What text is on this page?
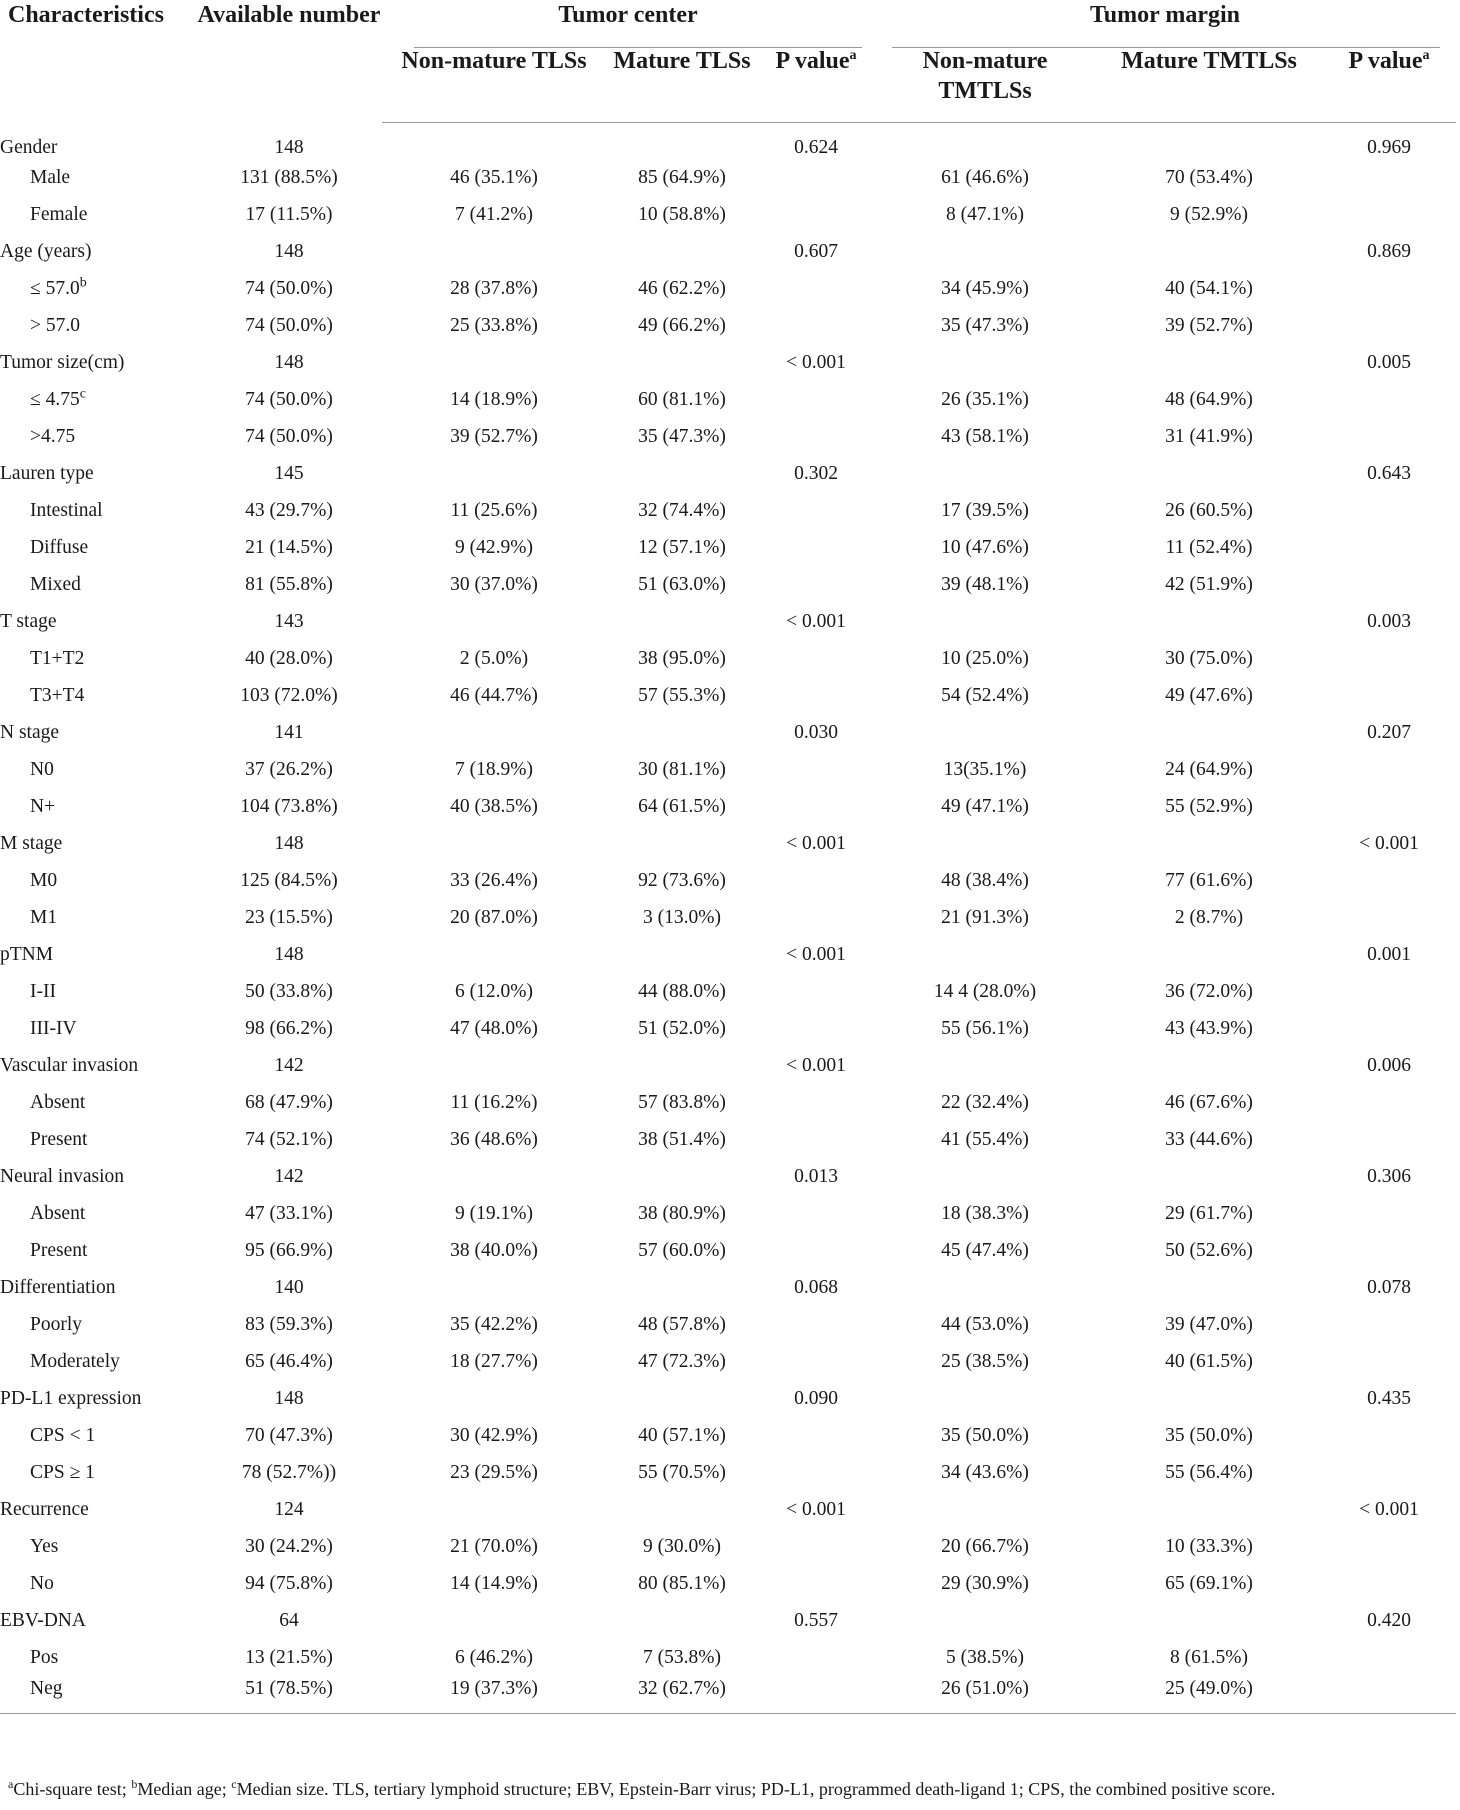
Characteristics	Available number	Tumor center			Tumor margin		
		Non-mature TLSs	Mature TLSs	P value$^a$	Non-mature TMTLSs	Mature TMTLSs	P value$^a$
Gender	148			0.624			0.969
Male	131 (88.5%)	46 (35.1%)	85 (64.9%)		61 (46.6%)	70 (53.4%)	
Female	17 (11.5%)	7 (41.2%)	10 (58.8%)		8 (47.1%)	9 (52.9%)	
Age (years)	148			0.607			0.869
≤ 57.0$^b$	74 (50.0%)	28 (37.8%)	46 (62.2%)		34 (45.9%)	40 (54.1%)	
> 57.0	74 (50.0%)	25 (33.8%)	49 (66.2%)		35 (47.3%)	39 (52.7%)	
Tumor size(cm)	148			< 0.001			0.005
≤ 4.75$^c$	74 (50.0%)	14 (18.9%)	60 (81.1%)		26 (35.1%)	48 (64.9%)	
>4.75	74 (50.0%)	39 (52.7%)	35 (47.3%)		43 (58.1%)	31 (41.9%)	
Lauren type	145			0.302			0.643
Intestinal	43 (29.7%)	11 (25.6%)	32 (74.4%)		17 (39.5%)	26 (60.5%)	
Diffuse	21 (14.5%)	9 (42.9%)	12 (57.1%)		10 (47.6%)	11 (52.4%)	
Mixed	81 (55.8%)	30 (37.0%)	51 (63.0%)		39 (48.1%)	42 (51.9%)	
T stage	143			< 0.001			0.003
T1+T2	40 (28.0%)	2 (5.0%)	38 (95.0%)		10 (25.0%)	30 (75.0%)	
T3+T4	103 (72.0%)	46 (44.7%)	57 (55.3%)		54 (52.4%)	49 (47.6%)	
N stage	141			0.030			0.207
N0	37 (26.2%)	7 (18.9%)	30 (81.1%)		13(35.1%)	24 (64.9%)	
N+	104 (73.8%)	40 (38.5%)	64 (61.5%)		49 (47.1%)	55 (52.9%)	
M stage	148			< 0.001			< 0.001
M0	125 (84.5%)	33 (26.4%)	92 (73.6%)		48 (38.4%)	77 (61.6%)	
M1	23 (15.5%)	20 (87.0%)	3 (13.0%)		21 (91.3%)	2 (8.7%)	
pTNM	148			< 0.001			0.001
I-II	50 (33.8%)	6 (12.0%)	44 (88.0%)		14 4 (28.0%)	36 (72.0%)	
III-IV	98 (66.2%)	47 (48.0%)	51 (52.0%)		55 (56.1%)	43 (43.9%)	
Vascular invasion	142			< 0.001			0.006
Absent	68 (47.9%)	11 (16.2%)	57 (83.8%)		22 (32.4%)	46 (67.6%)	
Present	74 (52.1%)	36 (48.6%)	38 (51.4%)		41 (55.4%)	33 (44.6%)	
Neural invasion	142			0.013			0.306
Absent	47 (33.1%)	9 (19.1%)	38 (80.9%)		18 (38.3%)	29 (61.7%)	
Present	95 (66.9%)	38 (40.0%)	57 (60.0%)		45 (47.4%)	50 (52.6%)	
Differentiation	140			0.068			0.078
Poorly	83 (59.3%)	35 (42.2%)	48 (57.8%)		44 (53.0%)	39 (47.0%)	
Moderately	65 (46.4%)	18 (27.7%)	47 (72.3%)		25 (38.5%)	40 (61.5%)	
PD-L1 expression	148			0.090			0.435
CPS < 1	70 (47.3%)	30 (42.9%)	40 (57.1%)		35 (50.0%)	35 (50.0%)	
CPS ≥ 1	78 (52.7%))	23 (29.5%)	55 (70.5%)		34 (43.6%)	55 (56.4%)	
Recurrence	124			< 0.001			< 0.001
Yes	30 (24.2%)	21 (70.0%)	9 (30.0%)		20 (66.7%)	10 (33.3%)	
No	94 (75.8%)	14 (14.9%)	80 (85.1%)		29 (30.9%)	65 (69.1%)	
EBV-DNA	64			0.557			0.420
Pos	13 (21.5%)	6 (46.2%)	7 (53.8%)		5 (38.5%)	8 (61.5%)	
Neg	51 (78.5%)	19 (37.3%)	32 (62.7%)		26 (51.0%)	25 (49.0%)	
$^a$Chi-square test; $^b$Median age; $^c$Median size. TLS, tertiary lymphoid structure; EBV, Epstein-Barr virus; PD-L1, programmed death-ligand 1; CPS, the combined positive score.
